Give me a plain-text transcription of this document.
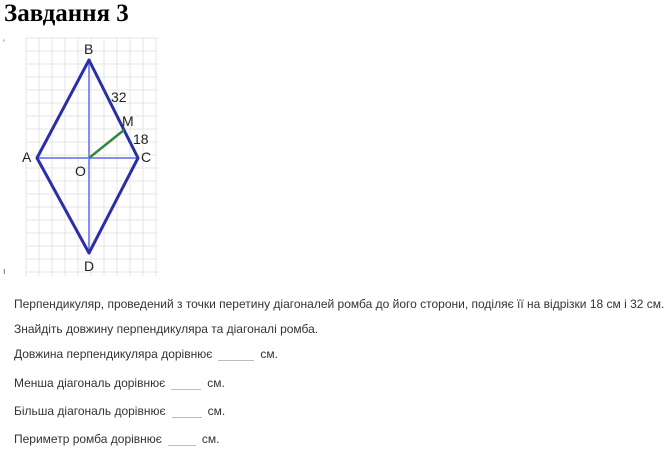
Завдання 3
'
ı
B
A	C
D
O
M
32
18
Перпендикуляр, проведений з точки перетину діагоналей ромба до його сторони, поділяє її на відрізки 18 см і 32 см.
Знайдіть довжину перпендикуляра та діагоналі ромба.
Довжина перпендикуляра дорівнює	см.
Менша діагональ дорівнює	см.
Більша діагональ дорівнює	см.
Периметр ромба дорівнює	см.
